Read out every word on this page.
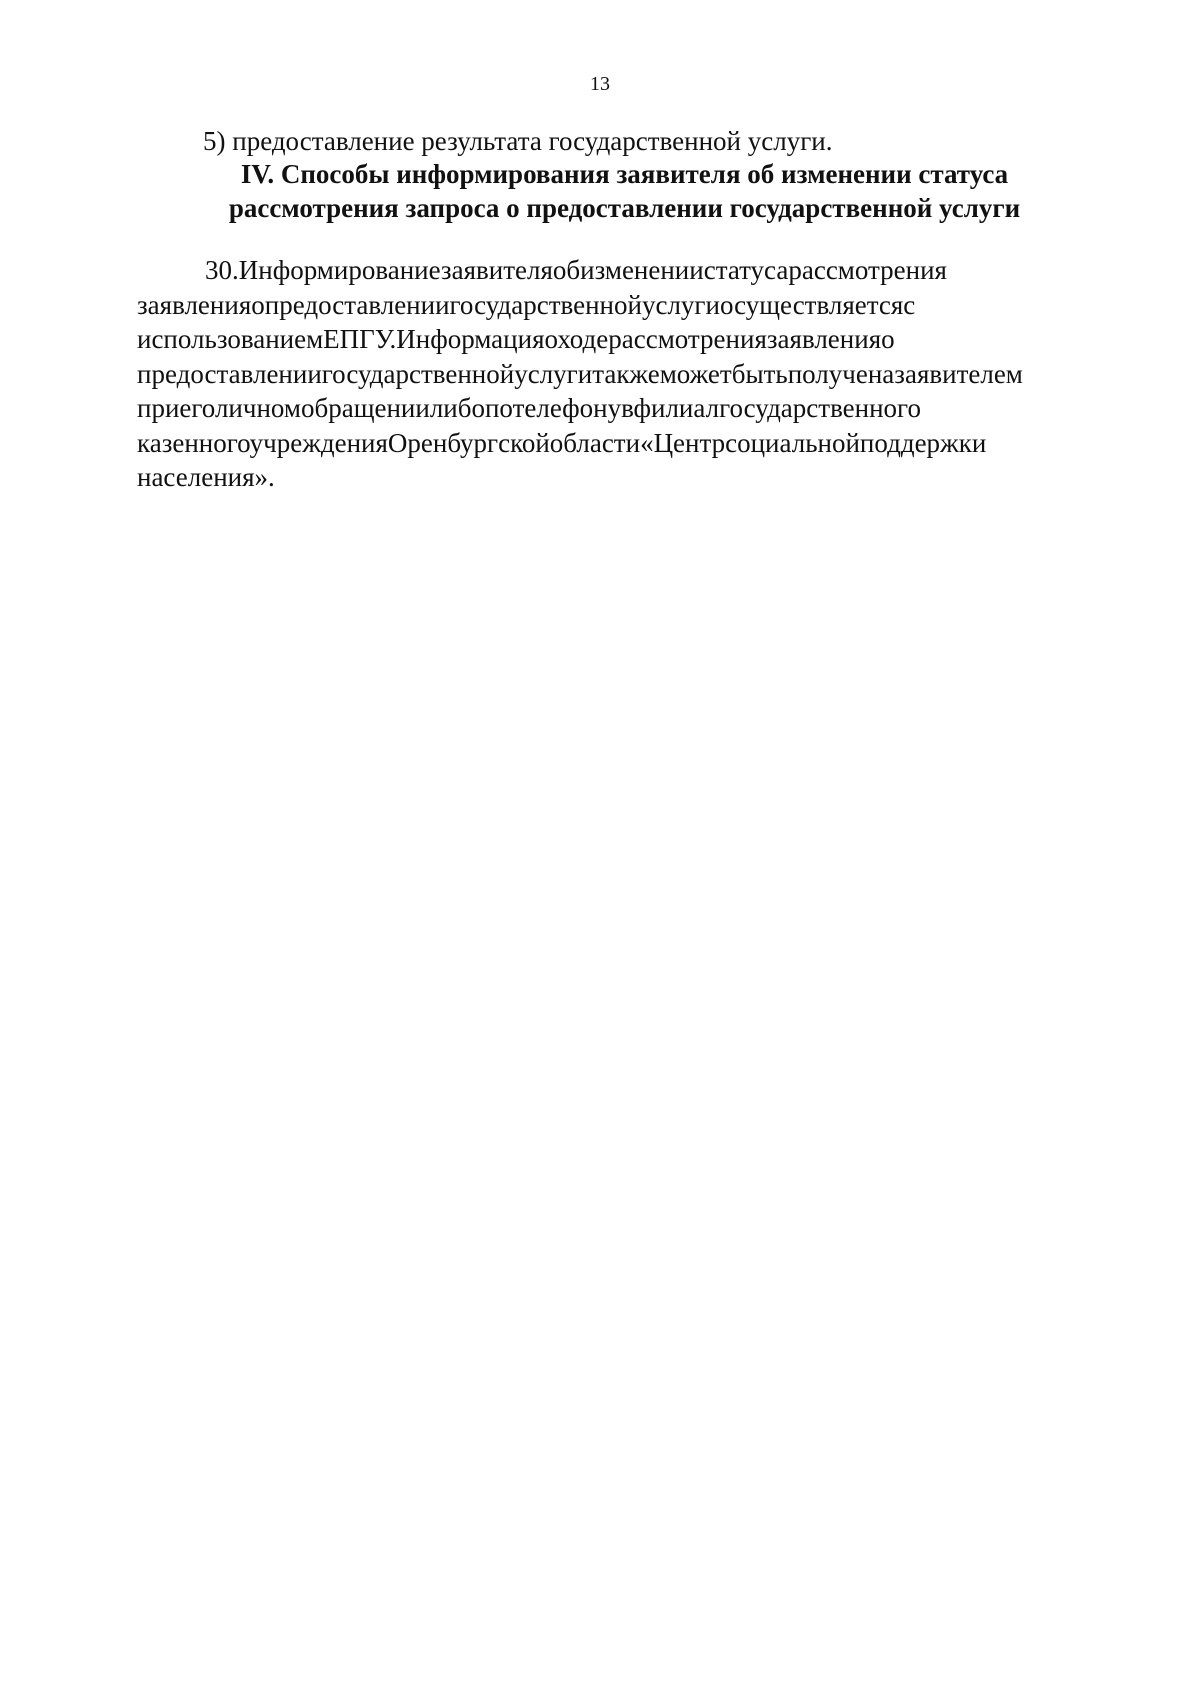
13
5) предоставление результата государственной услуги.
IV. Способы информирования заявителя об изменении статуса
рассмотрения запроса о предоставлении государственной услуги
30.Информированиезаявителяобизменениистатусарассмотрения
заявленияопредоставлениигосударственнойуслугиосуществляетсяс
использованиемЕПГУ.Информацияоходерассмотрениязаявленияо
предоставлениигосударственнойуслугитакжеможетбытьполученазаявителем
приеголичномобращениилибопотелефонувфилиалгосударственного
казенногоучрежденияОренбургскойобласти«Центрсоциальнойподдержки
населения».
